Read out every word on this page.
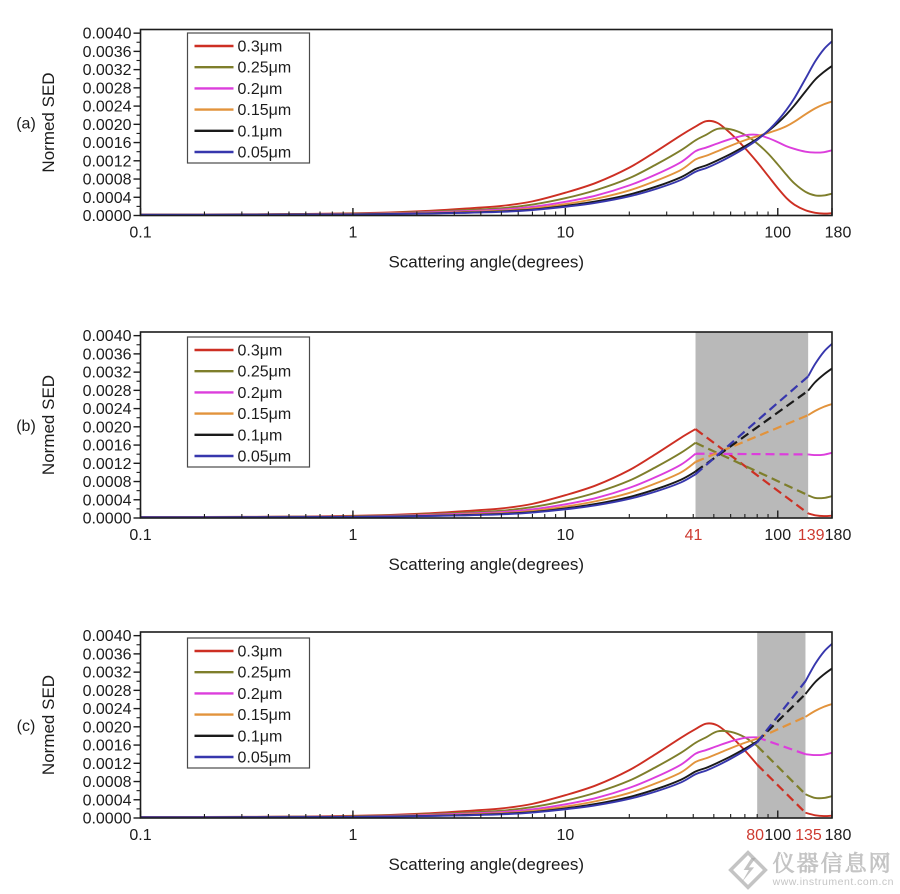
0.1	1	10	100 180
0.0000
0.0004
0.0008
0.0012
0.0016
0.0020
0.0024
0.0028
0.0032
0.0036
0.0040
Scattering angle(degrees)
Normed SED
(a)
0.3μm
0.25μm
0.2μm
0.15μm
0.1μm
0.05μm
0.1	1	10	100 180
41	139
0.0000
0.0004
0.0008
0.0012
0.0016
0.0020
0.0024
0.0028
0.0032
0.0036
0.0040
Scattering angle(degrees)
Normed SED
(b)
0.3μm
0.25μm
0.2μm
0.15μm
0.1μm
0.05μm
0.1	1	10	100 180
80 135
0.0000
0.0004
0.0008
0.0012
0.0016
0.0020
0.0024
0.0028
0.0032
0.0036
0.0040
Scattering angle(degrees)
Normed SED
(c)
0.3μm
0.25μm
0.2μm
0.15μm
0.1μm
0.05μm
仪器信息网
www.instrument.com.cn
